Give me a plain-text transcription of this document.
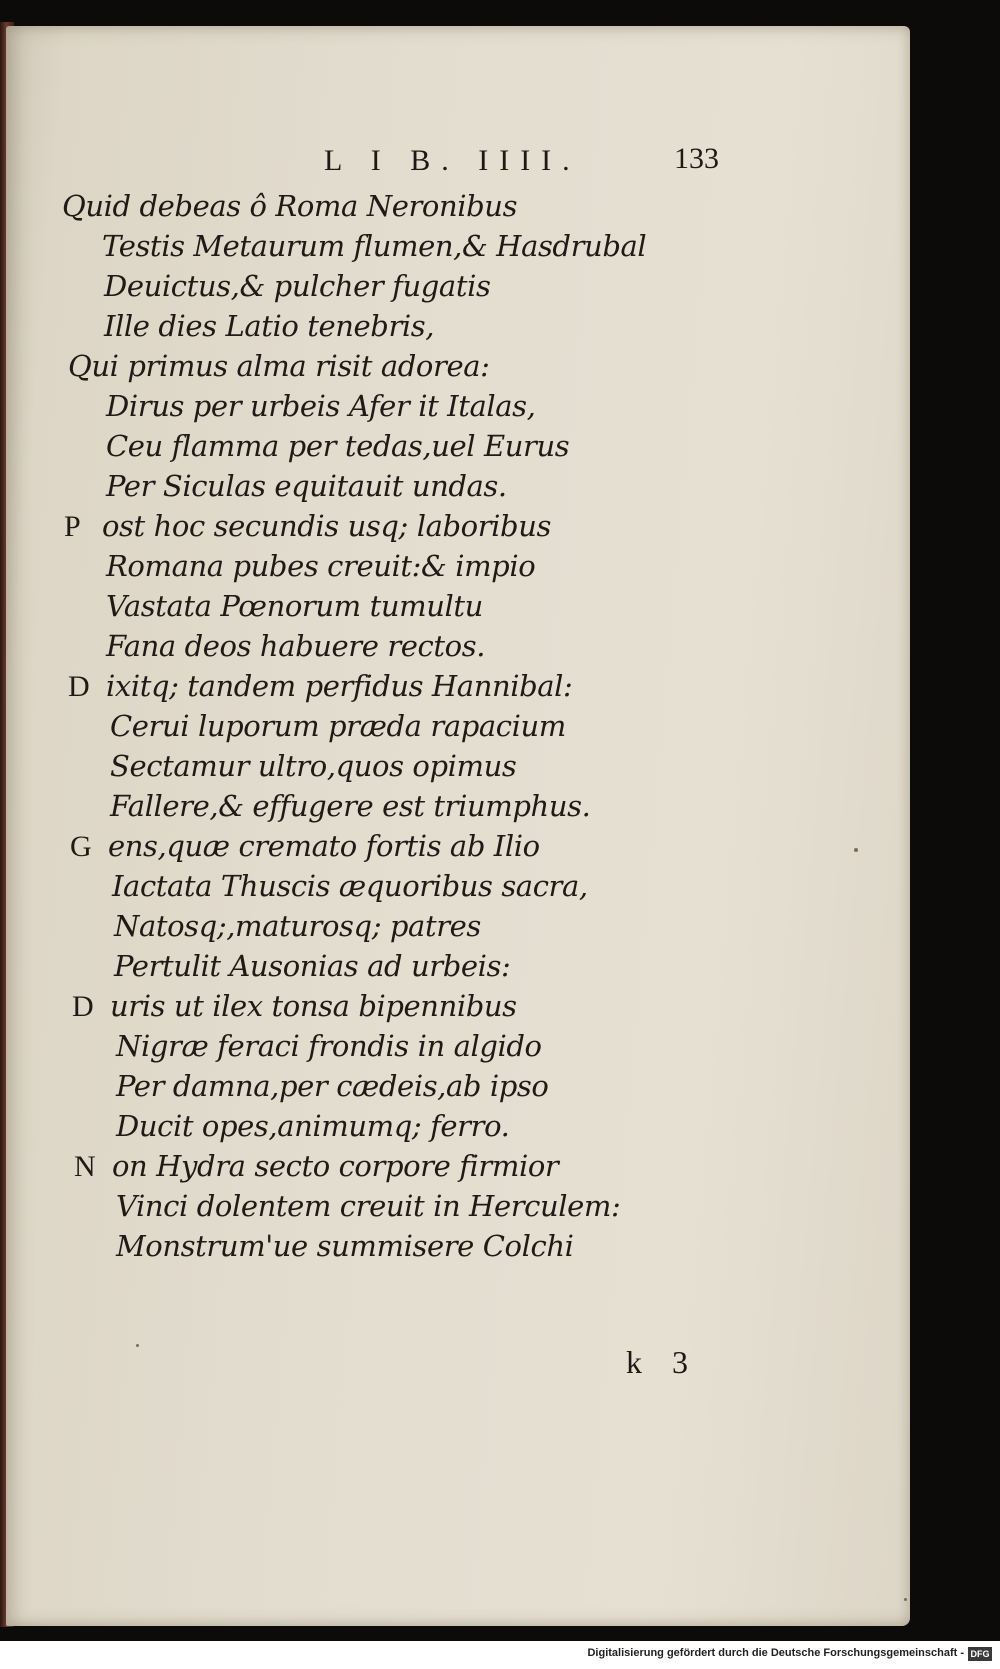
L I B. IIII.	133
Quid debeas ô Roma Neronibus
Testis Metaurum flumen,& Hasdrubal
Deuictus,& pulcher fugatis
Ille dies Latio tenebris,
Qui primus alma risit adorea:
Dirus per urbeis Afer it Italas,
Ceu flamma per tedas,uel Eurus
Per Siculas equitauit undas.
P ost hoc secundis usq; laboribus
Romana pubes creuit:& impio
Vastata Pœnorum tumultu
Fana deos habuere rectos.
D ixitq; tandem perfidus Hannibal:
Cerui luporum præda rapacium
Sectamur ultro,quos opimus
Fallere,& effugere est triumphus.
G ens,quæ cremato fortis ab Ilio
Iactata Thuscis æquoribus sacra,
Natosq;,maturosq; patres
Pertulit Ausonias ad urbeis:
D uris ut ilex tonsa bipennibus
Nigræ feraci frondis in algido
Per damna,per cædeis,ab ipso
Ducit opes,animumq; ferro.
N on Hydra secto corpore firmior
Vinci dolentem creuit in Herculem:
Monstrum'ue summisere Colchi
k 3
Digitalisierung gefördert durch die Deutsche Forschungsgemeinschaft - DFG
